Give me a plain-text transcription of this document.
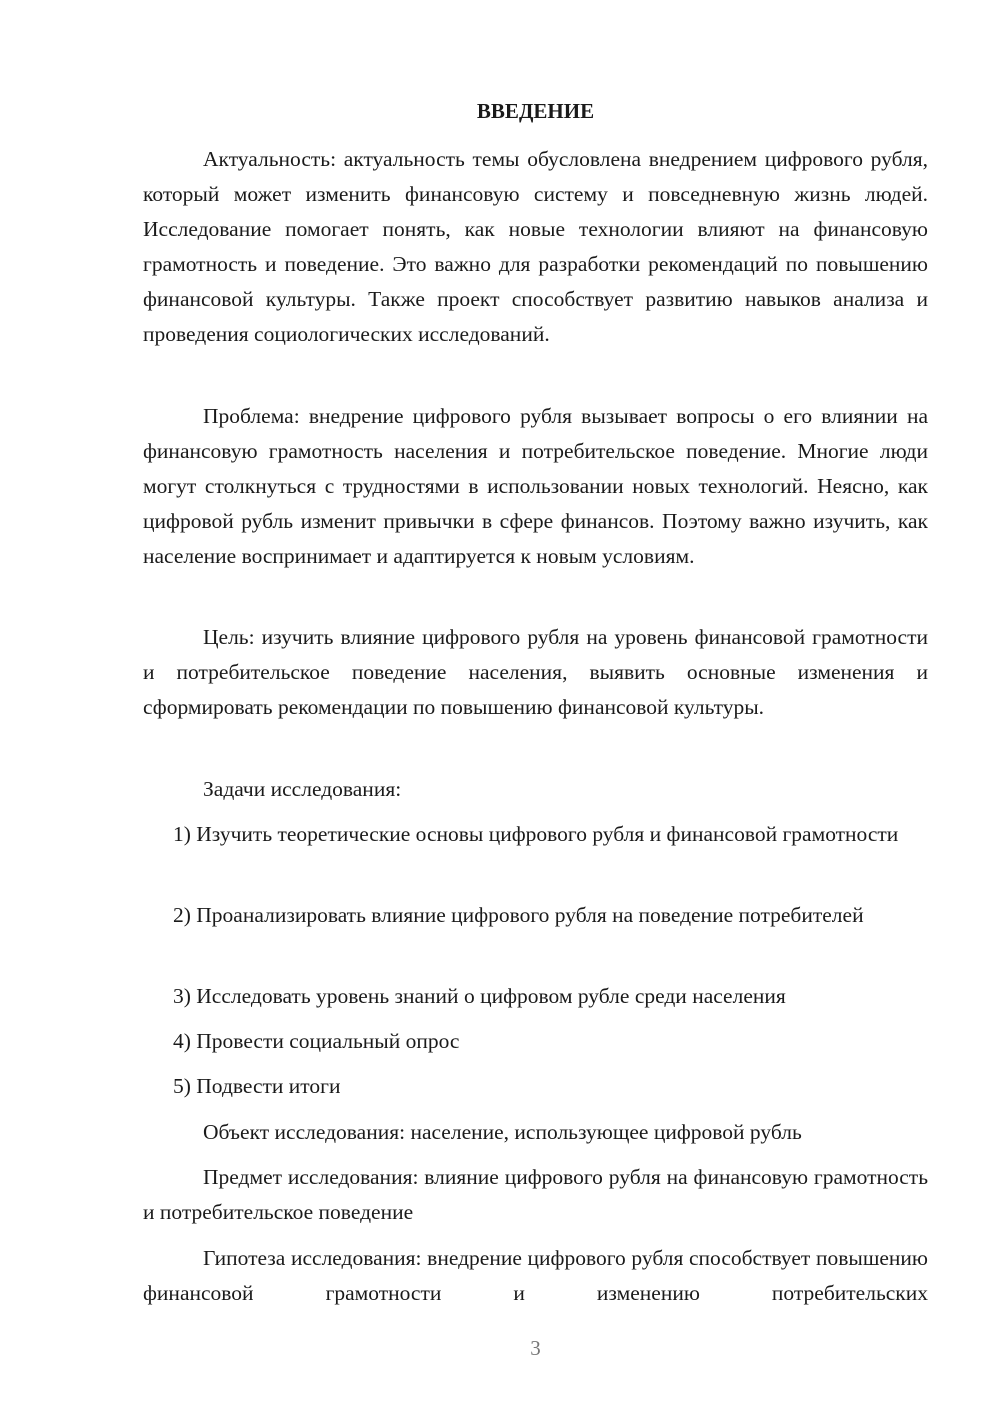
ВВЕДЕНИЕ

Актуальность: актуальность темы обусловлена внедрением цифрового рубля, который может изменить финансовую систему и повседневную жизнь людей. Исследование помогает понять, как новые технологии влияют на финансовую грамотность и поведение. Это важно для разработки рекомендаций по повышению финансовой культуры. Также проект способствует развитию навыков анализа и проведения социологических исследований.

Проблема: внедрение цифрового рубля вызывает вопросы о его влиянии на финансовую грамотность населения и потребительское поведение. Многие люди могут столкнуться с трудностями в использовании новых технологий. Неясно, как цифровой рубль изменит привычки в сфере финансов. Поэтому важно изучить, как население воспринимает и адаптируется к новым условиям.

Цель: изучить влияние цифрового рубля на уровень финансовой грамотности и потребительское поведение населения, выявить основные изменения и сформировать рекомендации по повышению финансовой культуры.

Задачи исследования:

1) Изучить теоретические основы цифрового рубля и финансовой грамотности

2) Проанализировать влияние цифрового рубля на поведение потребителей

3) Исследовать уровень знаний о цифровом рубле среди населения

4) Провести социальный опрос

5) Подвести итоги

Объект исследования: население, использующее цифровой рубль

Предмет исследования: влияние цифрового рубля на финансовую грамотность и потребительское поведение

Гипотеза исследования: внедрение цифрового рубля способствует повышению финансовой грамотности и изменению потребительских

3
